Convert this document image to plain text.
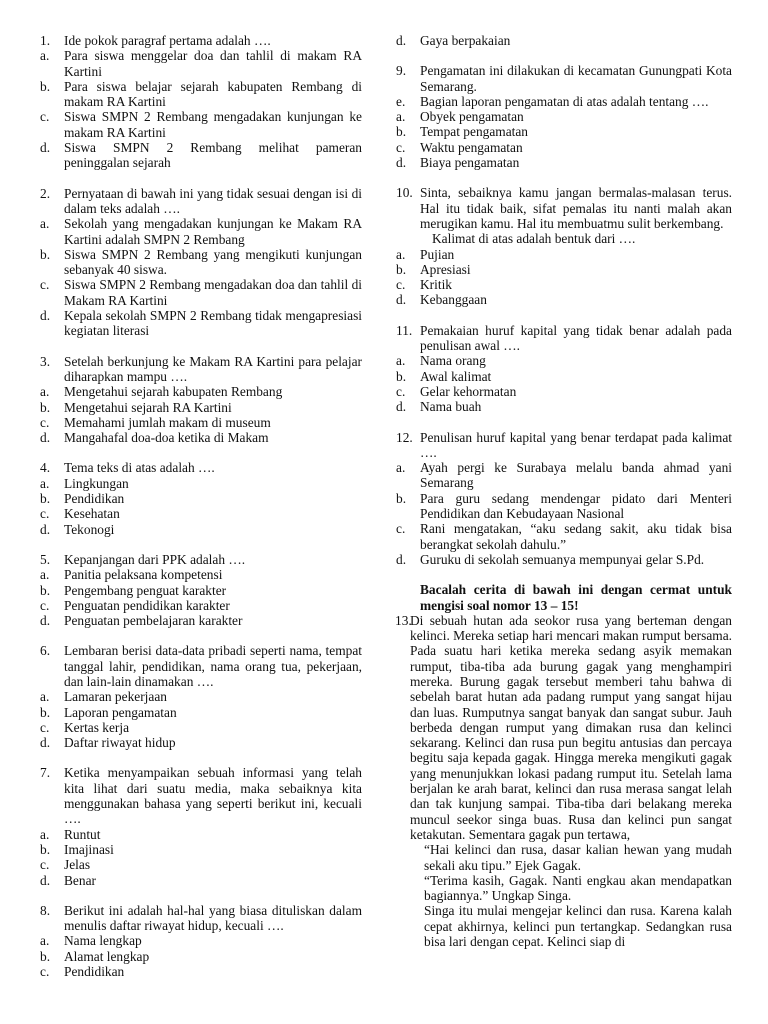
1.	Ide pokok paragraf pertama adalah ….
a.	Para siswa menggelar doa dan tahlil di makam RA Kartini
b.	Para siswa belajar sejarah kabupaten Rembang di makam RA Kartini
c.	Siswa SMPN 2 Rembang mengadakan kunjungan ke makam RA Kartini
d.	Siswa SMPN 2 Rembang melihat pameran peninggalan sejarah
2.	Pernyataan di bawah ini yang tidak sesuai dengan isi di dalam teks adalah ….
a.	Sekolah yang mengadakan kunjungan ke Makam RA Kartini adalah SMPN 2 Rembang
b.	Siswa SMPN 2 Rembang yang mengikuti kunjungan sebanyak 40 siswa.
c.	Siswa SMPN 2 Rembang mengadakan doa dan tahlil di Makam RA Kartini
d.	Kepala sekolah SMPN 2 Rembang tidak mengapresiasi kegiatan literasi
3.	Setelah berkunjung ke Makam RA Kartini para pelajar diharapkan mampu ….
a.	Mengetahui sejarah kabupaten Rembang
b.	Mengetahui sejarah RA Kartini
c.	Memahami jumlah makam di museum
d.	Mangahafal doa-doa ketika di Makam
4.	Tema teks di atas adalah ….
a.	Lingkungan
b.	Pendidikan
c.	Kesehatan
d.	Tekonogi
5.	Kepanjangan dari PPK adalah ….
a.	Panitia pelaksana kompetensi
b.	Pengembang penguat karakter
c.	Penguatan pendidikan karakter
d.	Penguatan pembelajaran karakter
6.	Lembaran berisi data-data pribadi seperti nama, tempat tanggal lahir, pendidikan, nama orang tua, pekerjaan, dan lain-lain dinamakan ….
a.	Lamaran pekerjaan
b.	Laporan pengamatan
c.	Kertas kerja
d.	Daftar riwayat hidup
7.	Ketika menyampaikan sebuah informasi yang telah kita lihat dari suatu media, maka sebaiknya kita menggunakan bahasa yang seperti berikut ini, kecuali ….
a.	Runtut
b.	Imajinasi
c.	Jelas
d.	Benar
8.	Berikut ini adalah hal-hal yang biasa dituliskan dalam menulis daftar riwayat hidup, kecuali ….
a.	Nama lengkap
b.	Alamat lengkap
c.	Pendidikan
d.	Gaya berpakaian
9.	Pengamatan ini dilakukan di kecamatan Gunungpati Kota Semarang.
e.	Bagian laporan pengamatan di atas adalah tentang ….
a.	Obyek pengamatan
b.	Tempat pengamatan
c.	Waktu pengamatan
d.	Biaya pengamatan
10. Sinta, sebaiknya kamu jangan bermalas-malasan terus. Hal itu tidak baik, sifat pemalas itu nanti malah akan merugikan kamu. Hal itu membuatmu sulit berkembang.
Kalimat di atas adalah bentuk dari ….
a.	Pujian
b.	Apresiasi
c.	Kritik
d.	Kebanggaan
11. Pemakaian huruf kapital yang tidak benar adalah pada penulisan awal ….
a.	Nama orang
b.	Awal kalimat
c.	Gelar kehormatan
d.	Nama buah
12. Penulisan huruf kapital yang benar terdapat pada kalimat ….
a.	Ayah pergi ke Surabaya melalu banda ahmad yani Semarang
b.	Para guru sedang mendengar pidato dari Menteri Pendidikan dan Kebudayaan Nasional
c.	Rani mengatakan, “aku sedang sakit, aku tidak bisa berangkat sekolah dahulu.”
d.	Guruku di sekolah semuanya mempunyai gelar S.Pd.
Bacalah cerita di bawah ini dengan cermat untuk mengisi soal nomor 13 – 15!
13.
Di sebuah hutan ada seokor rusa yang berteman dengan kelinci. Mereka setiap hari mencari makan rumput bersama. Pada suatu hari ketika mereka sedang asyik memakan rumput, tiba-tiba ada burung gagak yang menghampiri mereka. Burung gagak tersebut memberi tahu bahwa di sebelah barat hutan ada padang rumput yang sangat hijau dan luas. Rumputnya sangat banyak dan sangat subur. Jauh berbeda dengan rumput yang dimakan rusa dan kelinci sekarang. Kelinci dan rusa pun begitu antusias dan percaya begitu saja kepada gagak. Hingga mereka mengikuti gagak yang menunjukkan lokasi padang rumput itu. Setelah lama berjalan ke arah barat, kelinci dan rusa merasa sangat lelah dan tak kunjung sampai. Tiba-tiba dari belakang mereka muncul seekor singa buas. Rusa dan kelinci pun sangat ketakutan. Sementara gagak pun tertawa,
“Hai kelinci dan rusa, dasar kalian hewan yang mudah sekali aku tipu.” Ejek Gagak.
“Terima kasih, Gagak. Nanti engkau akan mendapatkan bagiannya.” Ungkap Singa.
Singa itu mulai mengejar kelinci dan rusa. Karena kalah cepat akhirnya, kelinci pun tertangkap. Sedangkan rusa bisa lari dengan cepat. Kelinci siap di
